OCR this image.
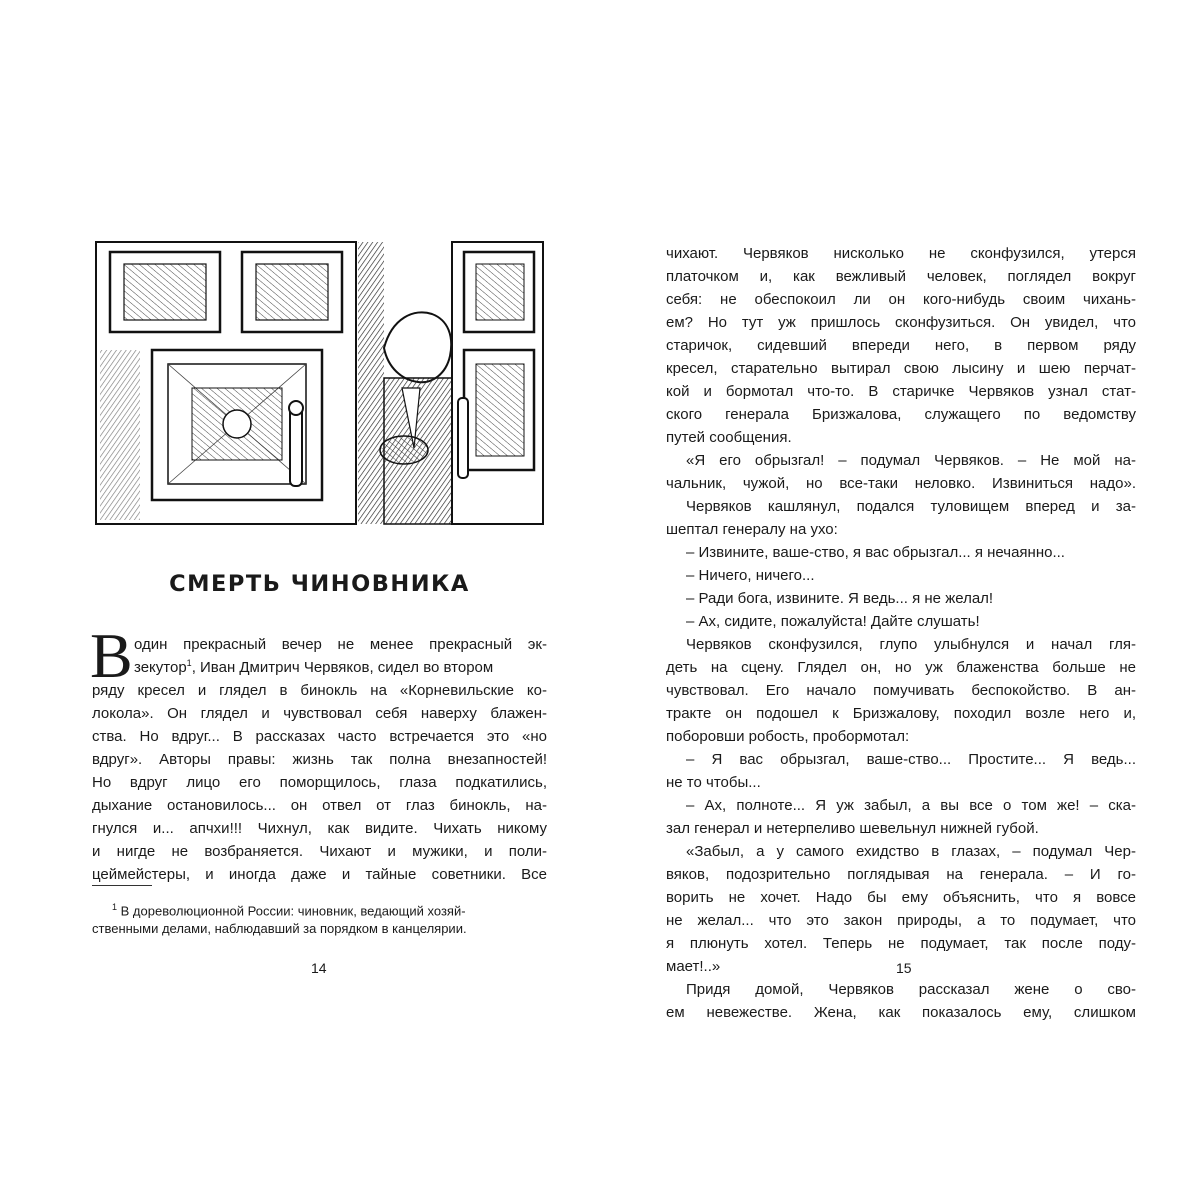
СМЕРТЬ ЧИНОВНИКА
В один прекрасный вечер не менее прекрасный эк-
зекутор$^1$, Иван Дмитрич Червяков, сидел во втором
ряду кресел и глядел в бинокль на «Корневильские ко-
локола». Он глядел и чувствовал себя наверху блажен-
ства. Но вдруг... В рассказах часто встречается это «но
вдруг». Авторы правы: жизнь так полна внезапностей!
Но вдруг лицо его поморщилось, глаза подкатились,
дыхание остановилось... он отвел от глаз бинокль, на-
гнулся и... апчхи!!! Чихнул, как видите. Чихать никому
и нигде не возбраняется. Чихают и мужики, и поли-
цеймейстеры, и иногда даже и тайные советники. Все
$^1$ В дореволюционной России: чиновник, ведающий хозяй-
ственными делами, наблюдавший за порядком в канцелярии.
14
чихают. Червяков нисколько не сконфузился, утерся
платочком и, как вежливый человек, поглядел вокруг
себя: не обеспокоил ли он кого-нибудь своим чихань-
ем? Но тут уж пришлось сконфузиться. Он увидел, что
старичок, сидевший впереди него, в первом ряду
кресел, старательно вытирал свою лысину и шею перчат-
кой и бормотал что-то. В старичке Червяков узнал стат-
ского генерала Бризжалова, служащего по ведомству
путей сообщения.
«Я его обрызгал! – подумал Червяков. – Не мой на-
чальник, чужой, но все-таки неловко. Извиниться надо».
Червяков кашлянул, подался туловищем вперед и за-
шептал генералу на ухо:
– Извините, ваше-ство, я вас обрызгал... я нечаянно...
– Ничего, ничего...
– Ради бога, извините. Я ведь... я не желал!
– Ах, сидите, пожалуйста! Дайте слушать!
Червяков сконфузился, глупо улыбнулся и начал гля-
деть на сцену. Глядел он, но уж блаженства больше не
чувствовал. Его начало помучивать беспокойство. В ан-
тракте он подошел к Бризжалову, походил возле него и,
поборовши робость, пробормотал:
– Я вас обрызгал, ваше-ство... Простите... Я ведь...
не то чтобы...
– Ах, полноте... Я уж забыл, а вы все о том же! – ска-
зал генерал и нетерпеливо шевельнул нижней губой.
«Забыл, а у самого ехидство в глазах, – подумал Чер-
вяков, подозрительно поглядывая на генерала. – И го-
ворить не хочет. Надо бы ему объяснить, что я вовсе
не желал... что это закон природы, а то подумает, что
я плюнуть хотел. Теперь не подумает, так после поду-
мает!..»
Придя домой, Червяков рассказал жене о сво-
ем невежестве. Жена, как показалось ему, слишком
15
